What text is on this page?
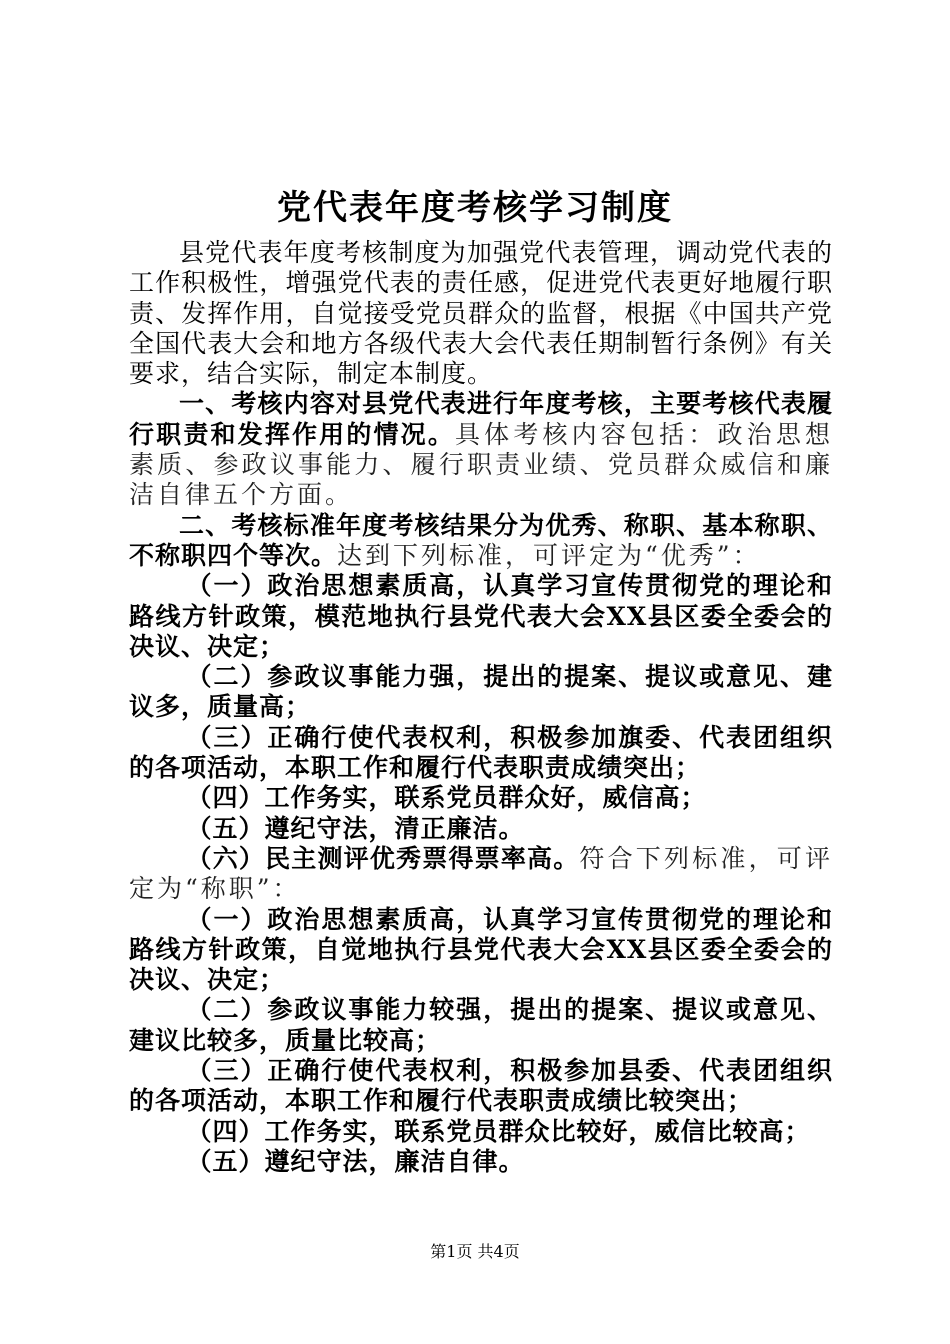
党代表年度考核学习制度

县党代表年度考核制度为加强党代表管理，调动党代表的工作积极性，增强党代表的责任感，促进党代表更好地履行职责、发挥作用，自觉接受党员群众的监督，根据《中国共产党全国代表大会和地方各级代表大会代表任期制暂行条例》有关要求，结合实际，制定本制度。

一、考核内容对县党代表进行年度考核，主要考核代表履行职责和发挥作用的情况。具体考核内容包括：政治思想素质、参政议事能力、履行职责业绩、党员群众威信和廉洁自律五个方面。

二、考核标准年度考核结果分为优秀、称职、基本称职、不称职四个等次。达到下列标准，可评定为“优秀”：

（一）政治思想素质高，认真学习宣传贯彻党的理论和路线方针政策，模范地执行县党代表大会XX县区委全委会的决议、决定；

（二）参政议事能力强，提出的提案、提议或意见、建议多，质量高；

（三）正确行使代表权利，积极参加旗委、代表团组织的各项活动，本职工作和履行代表职责成绩突出；

（四）工作务实，联系党员群众好，威信高；

（五）遵纪守法，清正廉洁。

（六）民主测评优秀票得票率高。符合下列标准，可评定为“称职”：

（一）政治思想素质高，认真学习宣传贯彻党的理论和路线方针政策，自觉地执行县党代表大会XX县区委全委会的决议、决定；

（二）参政议事能力较强，提出的提案、提议或意见、建议比较多，质量比较高；

（三）正确行使代表权利，积极参加县委、代表团组织的各项活动，本职工作和履行代表职责成绩比较突出；

（四）工作务实，联系党员群众比较好，威信比较高；

（五）遵纪守法，廉洁自律。

第1页 共4页
